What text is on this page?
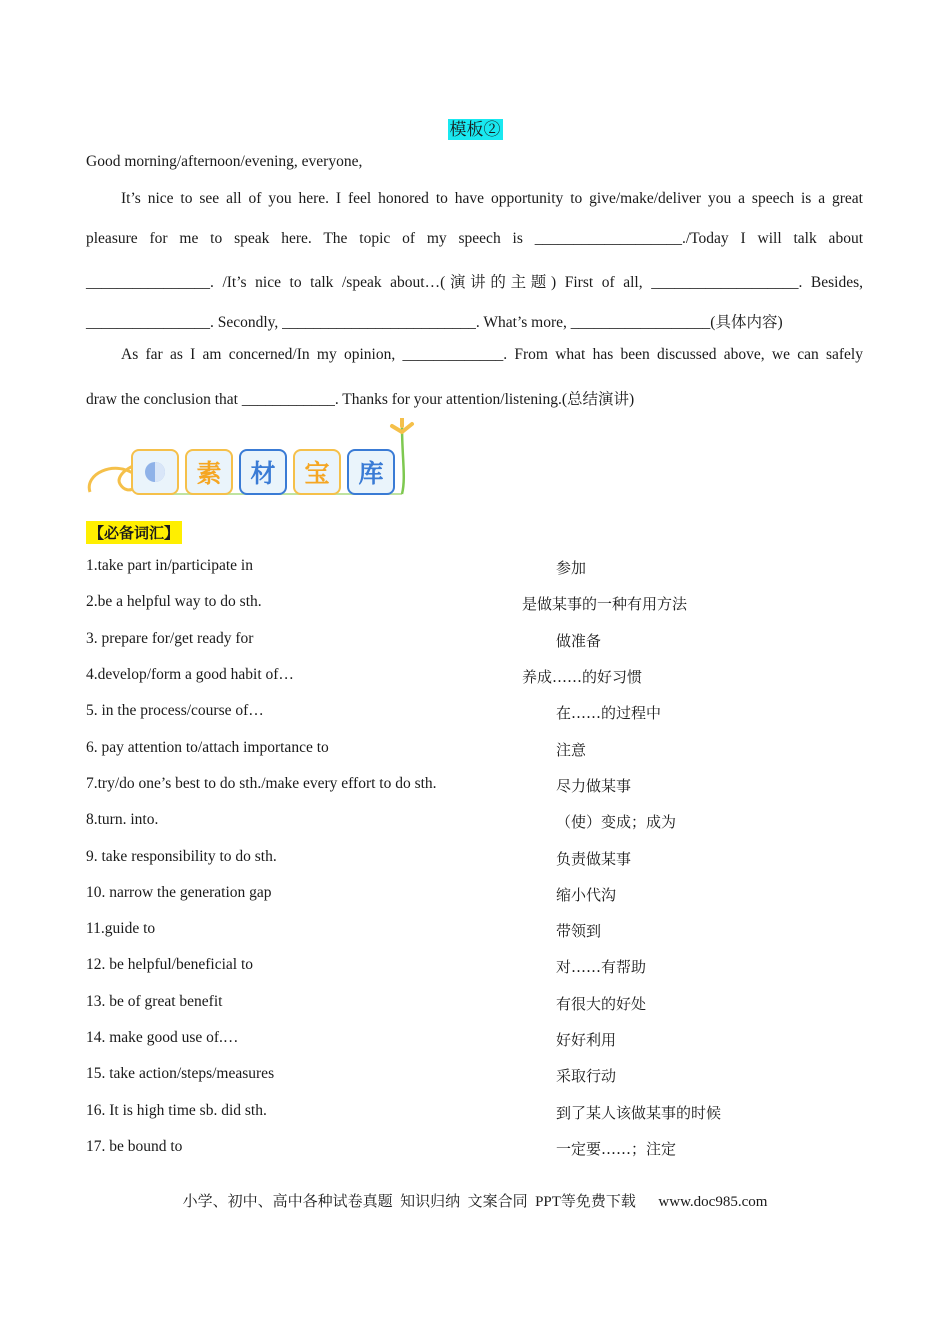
模板②
Good morning/afternoon/evening, everyone,
It’s nice to see all of you here. I feel honored to have opportunity to give/make/deliver you a speech is a great
pleasure for me to speak here. The topic of my speech is ___________________./Today I will talk about
________________. /It’s nice to talk /speak about…(演讲的主题) First of all, ___________________. Besides,
________________. Secondly, _________________________. What’s more, __________________(具体内容)
As far as I am concerned/In my opinion, _____________. From what has been discussed above, we can safely
draw the conclusion that ____________. Thanks for your attention/listening.(总结演讲)
素 材 宝 库
【必备词汇】
1.take part in/participate in	参加
2.be a helpful way to do sth.	是做某事的一种有用方法
3. prepare for/get ready for	做准备
4.develop/form a good habit of…	养成……的好习惯
5. in the process/course of…	在……的过程中
6. pay attention to/attach importance to	注意
7.try/do one’s best to do sth./make every effort to do sth.	尽力做某事
8.turn. into.	（使）变成；成为
9. take responsibility to do sth.	负责做某事
10. narrow the generation gap	缩小代沟
11.guide to	带领到
12. be helpful/beneficial to	对……有帮助
13. be of great benefit	有很大的好处
14. make good use of.…	好好利用
15. take action/steps/measures	采取行动
16. It is high time sb. did sth.	到了某人该做某事的时候
17. be bound to	一定要……；注定
小学、初中、高中各种试卷真题  知识归纳  文案合同  PPT等免费下载      www.doc985.com
